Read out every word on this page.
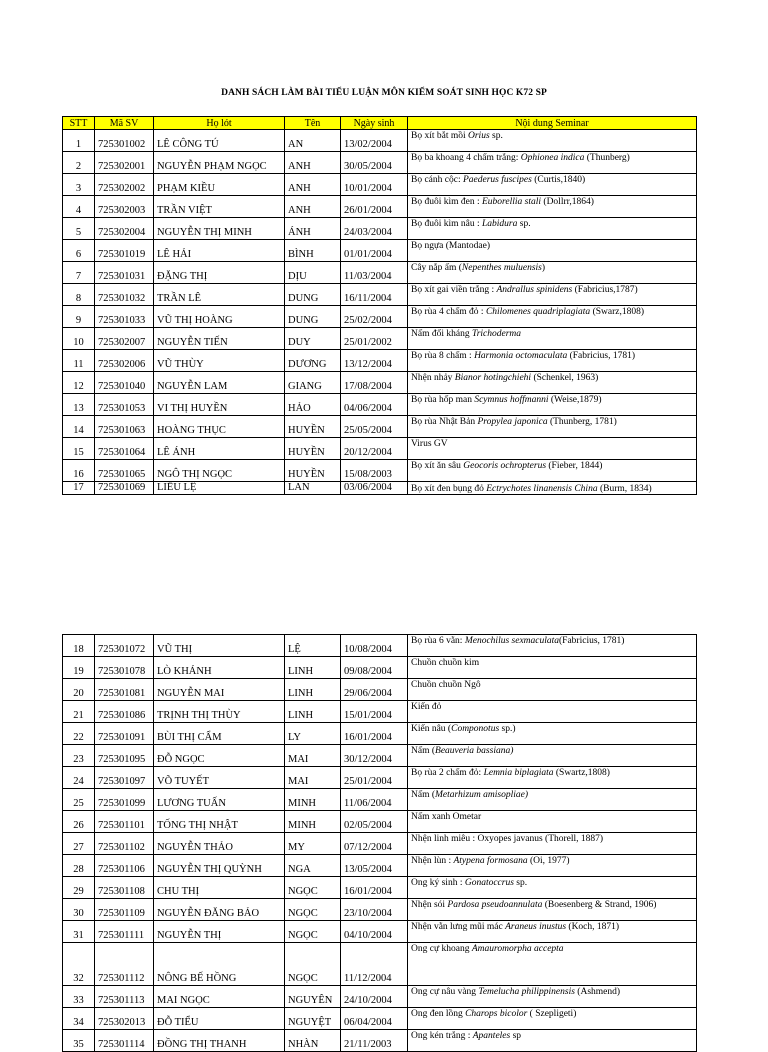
DANH SÁCH LÀM BÀI TIỂU LUẬN MÔN KIỂM SOÁT SINH HỌC K72 SP
STT	Mã SV	Họ lót	Tên	Ngày sinh	Nội dung Seminar
1	725301002	LÊ CÔNG TÚ	AN	13/02/2004	Bọ xít bắt mồi Orius sp.
2	725302001	NGUYỄN PHẠM NGỌC	ANH	30/05/2004	Bọ ba khoang 4 chấm trắng: Ophionea indica (Thunberg)
3	725302002	PHẠM KIỀU	ANH	10/01/2004	Bọ cánh cộc: Paederus fuscipes (Curtis,1840)
4	725302003	TRẦN VIỆT	ANH	26/01/2004	Bọ đuôi kìm đen : Euborellia stali (Dollrr,1864)
5	725302004	NGUYỄN THỊ MINH	ÁNH	24/03/2004	Bọ đuôi kìm nâu : Labidura sp.
6	725301019	LÊ HẢI	BÌNH	01/01/2004	Bọ ngựa (Mantodae)
7	725301031	ĐẶNG THỊ	DỊU	11/03/2004	Cây nắp ấm (Nepenthes muluensis)
8	725301032	TRẦN LÊ	DUNG	16/11/2004	Bọ xít gai viền trắng : Andrallus spinidens (Fabricius,1787)
9	725301033	VŨ THỊ HOÀNG	DUNG	25/02/2004	Bọ rùa 4 chấm đỏ : Chilomenes quadriplagiata (Swarz,1808)
10	725302007	NGUYỄN TIẾN	DUY	25/01/2002	Nấm đối kháng Trichoderma
11	725302006	VŨ THÙY	DƯƠNG	13/12/2004	Bọ rùa 8 chấm : Harmonia octomaculata (Fabricius, 1781)
12	725301040	NGUYỄN LAM	GIANG	17/08/2004	Nhện nhảy Bianor hotingchiehi (Schenkel, 1963)
13	725301053	VI THỊ HUYỀN	HẢO	04/06/2004	Bọ rùa hốp man Scymnus hoffmanni (Weise,1879)
14	725301063	HOÀNG THỤC	HUYỀN	25/05/2004	Bọ rùa Nhật Bản Propylea japonica (Thunberg, 1781)
15	725301064	LÊ ÁNH	HUYỀN	20/12/2004	Virus GV
16	725301065	NGÔ THỊ NGỌC	HUYỀN	15/08/2003	Bọ xít ăn sâu Geocoris ochropterus (Fieber, 1844)
17	725301069	LIỄU LỆ	LAN	03/06/2004	Bọ xít đen bụng đỏ Ectrychotes linanensis China (Burm, 1834)
18	725301072	VŨ THỊ	LỆ	10/08/2004	Bọ rùa 6 vằn: Menochilus sexmaculata(Fabricius, 1781)
19	725301078	LÒ KHÁNH	LINH	09/08/2004	Chuồn chuồn kim
20	725301081	NGUYỄN MAI	LINH	29/06/2004	Chuồn chuồn Ngô
21	725301086	TRỊNH THỊ THÙY	LINH	15/01/2004	Kiến đỏ
22	725301091	BÙI THỊ CẨM	LY	16/01/2004	Kiến nâu (Componotus sp.)
23	725301095	ĐỖ NGỌC	MAI	30/12/2004	Nấm (Beauveria bassiana)
24	725301097	VÕ TUYẾT	MAI	25/01/2004	Bọ rùa 2 chấm đỏ: Lemnia biplagiata (Swartz,1808)
25	725301099	LƯƠNG TUẤN	MINH	11/06/2004	Nấm (Metarhizum amisopliae)
26	725301101	TỐNG THỊ NHẬT	MINH	02/05/2004	Nấm xanh Ometar
27	725301102	NGUYỄN THẢO	MY	07/12/2004	Nhện linh miêu : Oxyopes javanus (Thorell, 1887)
28	725301106	NGUYỄN THỊ QUỲNH	NGA	13/05/2004	Nhện lùn : Atypena formosana (Oi, 1977)
29	725301108	CHU THỊ	NGỌC	16/01/2004	Ong ký sinh : Gonatoccrus sp.
30	725301109	NGUYỄN ĐĂNG BẢO	NGỌC	23/10/2004	Nhện sói Pardosa pseudoannulata (Boesenberg & Strand, 1906)
31	725301111	NGUYỄN THỊ	NGỌC	04/10/2004	Nhện vằn lưng mũi mác Araneus inustus (Koch, 1871)
32	725301112	NÔNG BẾ HỒNG	NGỌC	11/12/2004	Ong cự khoang Amauromorpha accepta
33	725301113	MAI NGỌC	NGUYÊN	24/10/2004	Ong cự nâu vàng Temelucha philippinensis (Ashmend)
34	725302013	ĐỖ TIỂU	NGUYỆT	06/04/2004	Ong đen lồng Charops bicolor ( Szepligeti)
35	725301114	ĐỒNG THỊ THANH	NHÀN	21/11/2003	Ong kén trắng : Apanteles sp
